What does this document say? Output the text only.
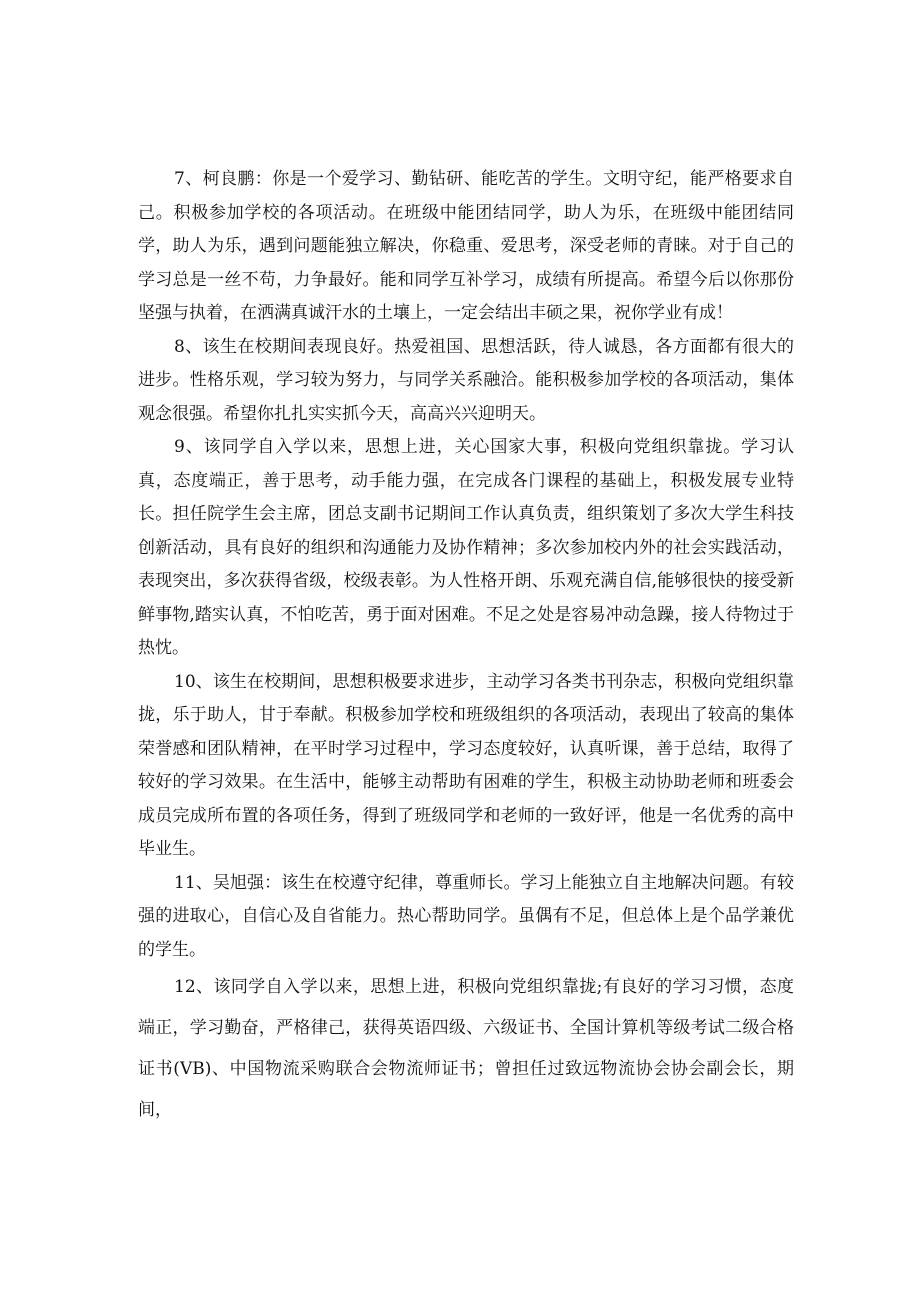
7、柯良鹏：你是一个爱学习、勤钻研、能吃苦的学生。文明守纪，能严格要求自己。积极参加学校的各项活动。在班级中能团结同学，助人为乐，在班级中能团结同学，助人为乐，遇到问题能独立解决，你稳重、爱思考，深受老师的青睐。对于自己的学习总是一丝不苟，力争最好。能和同学互补学习，成绩有所提高。希望今后以你那份坚强与执着，在洒满真诚汗水的土壤上，一定会结出丰硕之果，祝你学业有成！

8、该生在校期间表现良好。热爱祖国、思想活跃，待人诚恳，各方面都有很大的进步。性格乐观，学习较为努力，与同学关系融洽。能积极参加学校的各项活动，集体观念很强。希望你扎扎实实抓今天，高高兴兴迎明天。

9、该同学自入学以来，思想上进，关心国家大事，积极向党组织靠拢。学习认真，态度端正，善于思考，动手能力强，在完成各门课程的基础上，积极发展专业特长。担任院学生会主席，团总支副书记期间工作认真负责，组织策划了多次大学生科技创新活动，具有良好的组织和沟通能力及协作精神；多次参加校内外的社会实践活动，表现突出，多次获得省级，校级表彰。为人性格开朗、乐观充满自信,能够很快的接受新鲜事物,踏实认真，不怕吃苦，勇于面对困难。不足之处是容易冲动急躁，接人待物过于热忱。

10、该生在校期间，思想积极要求进步，主动学习各类书刊杂志，积极向党组织靠拢，乐于助人，甘于奉献。积极参加学校和班级组织的各项活动，表现出了较高的集体荣誉感和团队精神，在平时学习过程中，学习态度较好，认真听课，善于总结，取得了较好的学习效果。在生活中，能够主动帮助有困难的学生，积极主动协助老师和班委会成员完成所布置的各项任务，得到了班级同学和老师的一致好评，他是一名优秀的高中毕业生。

11、吴旭强：该生在校遵守纪律，尊重师长。学习上能独立自主地解决问题。有较强的进取心，自信心及自省能力。热心帮助同学。虽偶有不足，但总体上是个品学兼优的学生。

12、该同学自入学以来，思想上进，积极向党组织靠拢;有良好的学习习惯，态度端正，学习勤奋，严格律己，获得英语四级、六级证书、全国计算机等级考试二级合格证书(VB)、中国物流采购联合会物流师证书；曾担任过致远物流协会协会副会长，期间，
